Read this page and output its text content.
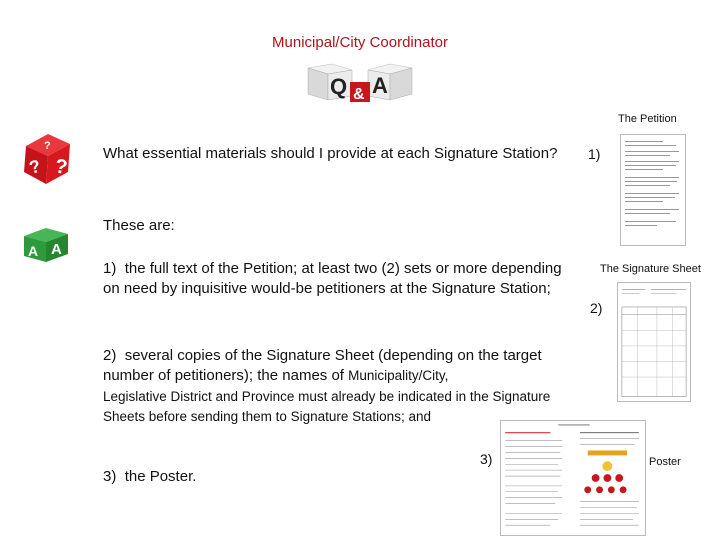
Municipal/City Coordinator
Q A
&
? ?
?
A A
What essential materials should I provide at each Signature Station?
These are:
1) the full text of the Petition; at least two (2) sets or more depending on need by inquisitive would-be petitioners at the Signature Station;
2) several copies of the Signature Sheet (depending on the target number of petitioners); the names of Municipality/City,
Legislative District and Province must already be indicated in the Signature Sheets before sending them to Signature Stations; and
3) the Poster.
The Petition
1)
The Signature Sheet
2)
3)	Poster
